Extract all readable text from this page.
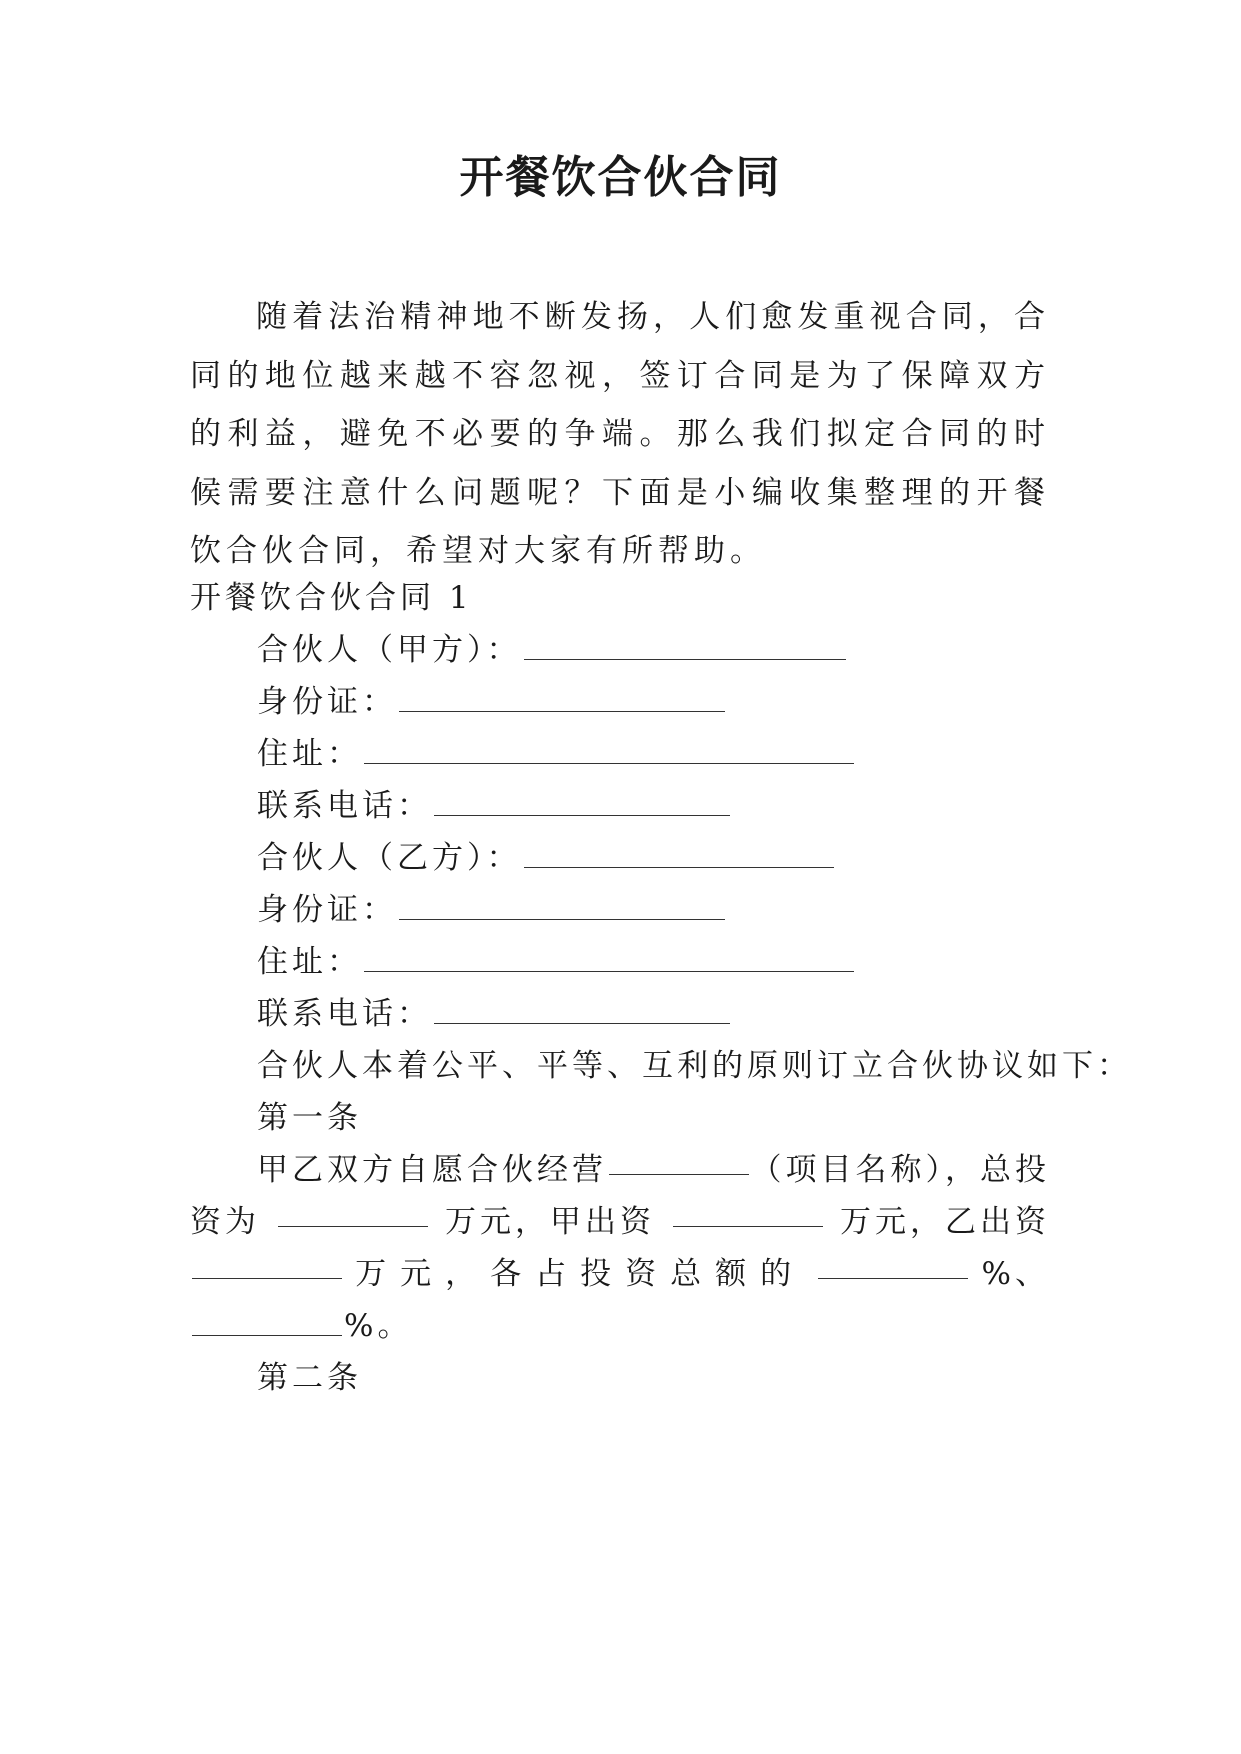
开餐饮合伙合同
随着法治精神地不断发扬，人们愈发重视合同，合同的地位越来越不容忽视，签订合同是为了保障双方的利益，避免不必要的争端。那么我们拟定合同的时候需要注意什么问题呢？下面是小编收集整理的开餐饮合伙合同，希望对大家有所帮助。
开餐饮合伙合同 1
合伙人（甲方）：
身份证：
住址：
联系电话：
合伙人（乙方）：
身份证：
住址：
联系电话：
合伙人本着公平、平等、互利的原则订立合伙协议如下：
第一条
甲乙双方自愿合伙经营	（项目名称），总投
资为	万元，甲出资	万元，乙出资
万元，各占投资总额的	%、
%。
第二条
